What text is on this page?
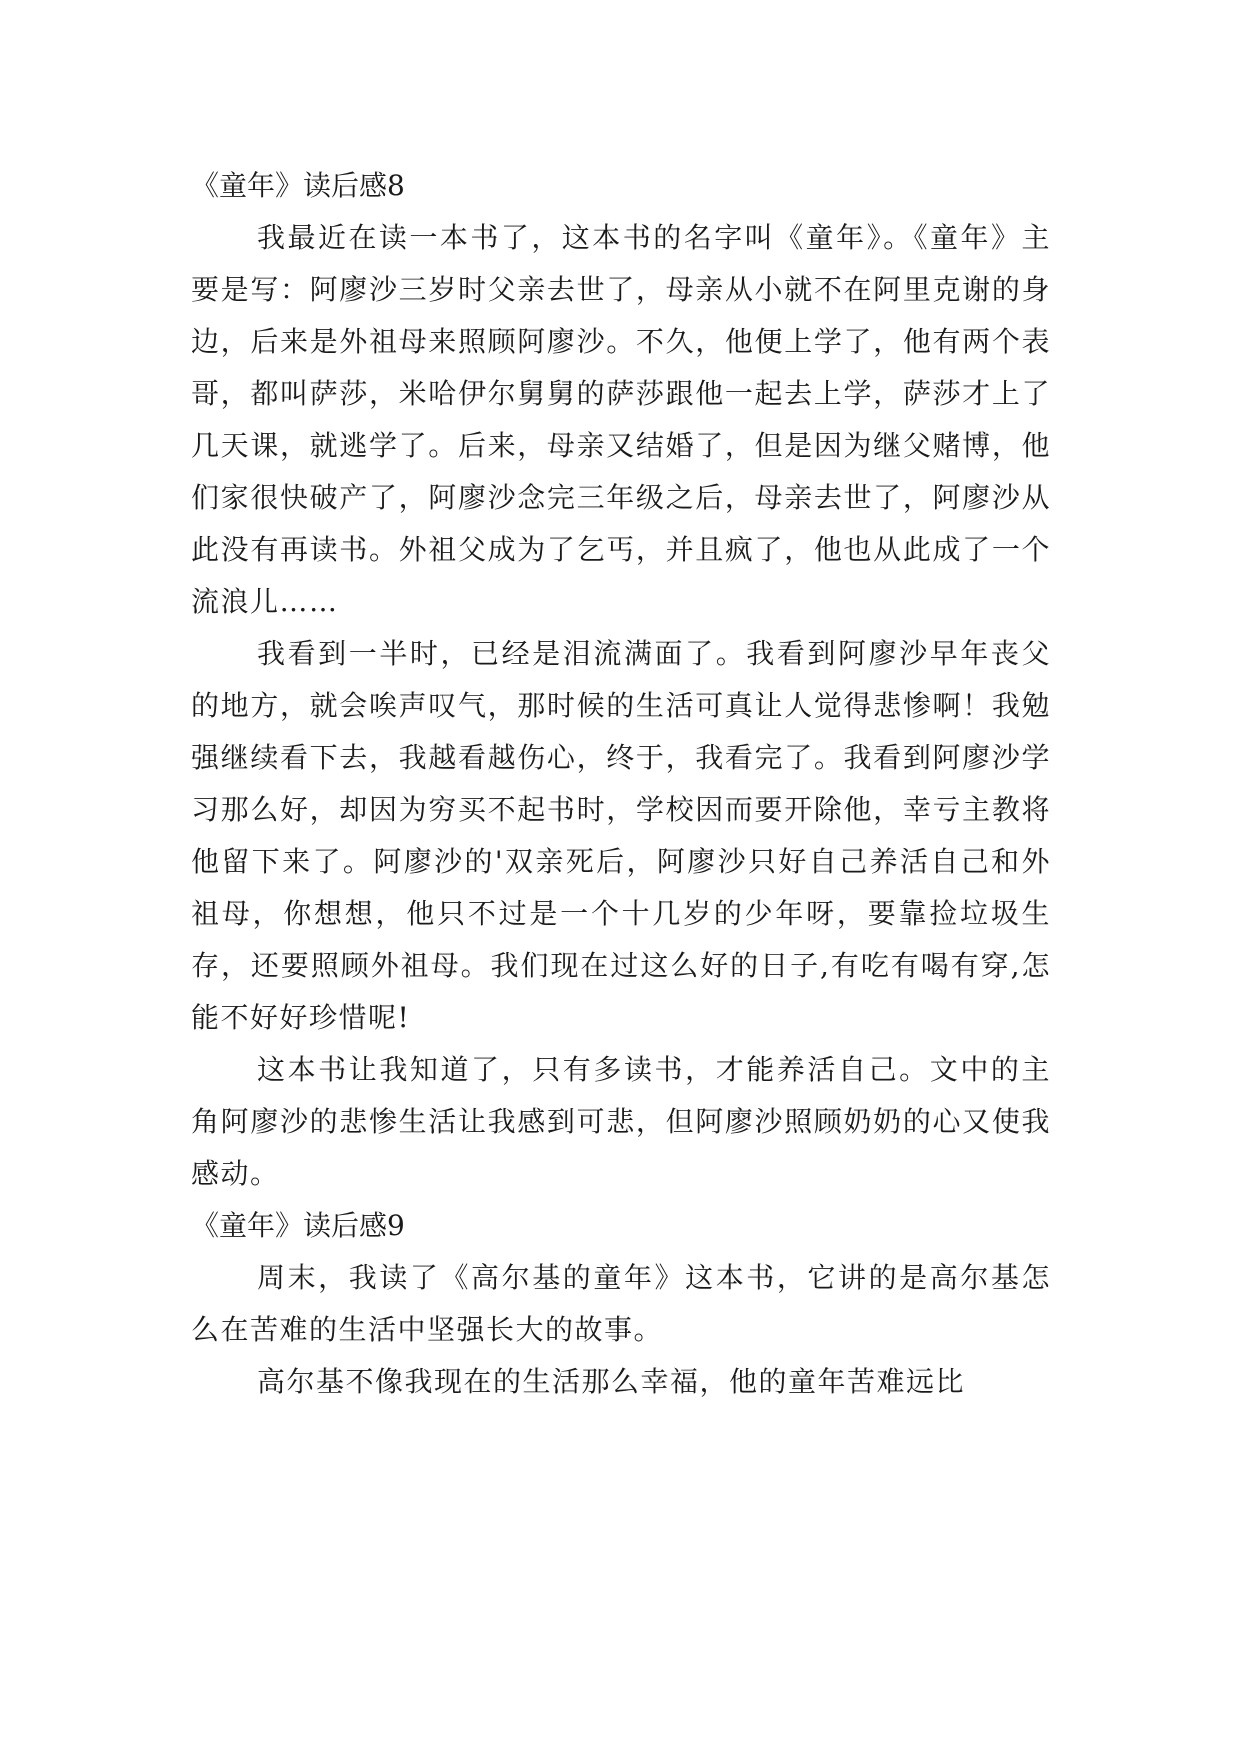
《童年》读后感8

我最近在读一本书了，这本书的名字叫《童年》。《童年》主要是写：阿廖沙三岁时父亲去世了，母亲从小就不在阿里克谢的身边，后来是外祖母来照顾阿廖沙。不久，他便上学了，他有两个表哥，都叫萨莎，米哈伊尔舅舅的萨莎跟他一起去上学，萨莎才上了几天课，就逃学了。后来，母亲又结婚了，但是因为继父赌博，他们家很快破产了，阿廖沙念完三年级之后，母亲去世了，阿廖沙从此没有再读书。外祖父成为了乞丐，并且疯了，他也从此成了一个流浪儿……

我看到一半时，已经是泪流满面了。我看到阿廖沙早年丧父的地方，就会唉声叹气，那时候的生活可真让人觉得悲惨啊！我勉强继续看下去，我越看越伤心，终于，我看完了。我看到阿廖沙学习那么好，却因为穷买不起书时，学校因而要开除他，幸亏主教将他留下来了。阿廖沙的'双亲死后，阿廖沙只好自己养活自己和外祖母，你想想，他只不过是一个十几岁的少年呀，要靠捡垃圾生存，还要照顾外祖母。我们现在过这么好的日子,有吃有喝有穿,怎能不好好珍惜呢!

这本书让我知道了，只有多读书，才能养活自己。文中的主角阿廖沙的悲惨生活让我感到可悲，但阿廖沙照顾奶奶的心又使我感动。

《童年》读后感9

周末，我读了《高尔基的童年》这本书，它讲的是高尔基怎么在苦难的生活中坚强长大的故事。

高尔基不像我现在的生活那么幸福，他的童年苦难远比
